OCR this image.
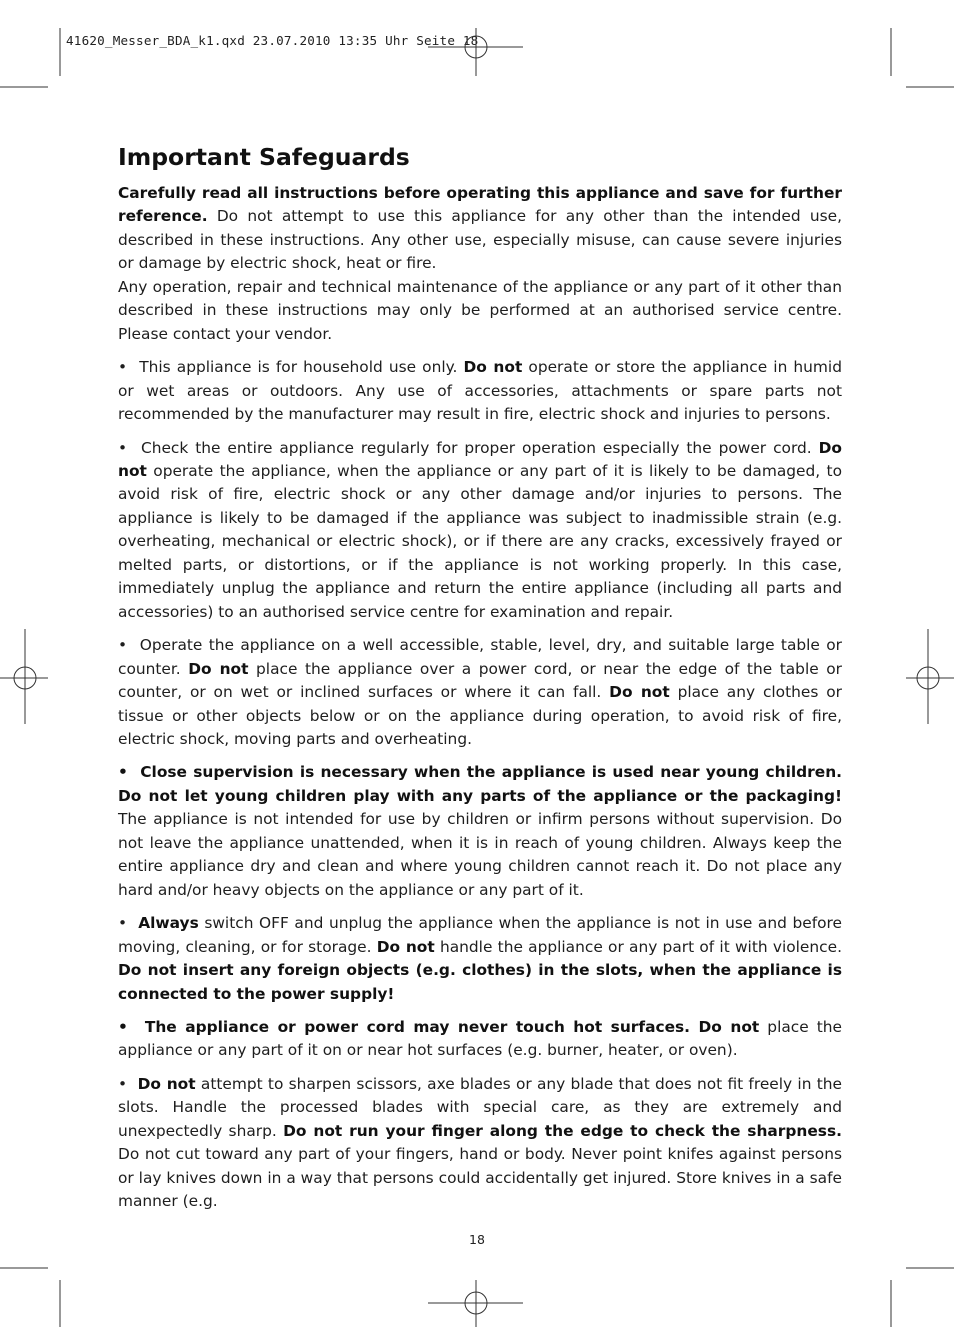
41620_Messer_BDA_k1.qxd 23.07.2010 13:35 Uhr Seite 18
Important Safeguards
Carefully read all instructions before operating this appliance and save for further reference. Do not attempt to use this appliance for any other than the intended use, described in these instructions. Any other use, especially misuse, can cause severe injuries or damage by electric shock, heat or fire.
Any operation, repair and technical maintenance of the appliance or any part of it other than described in these instructions may only be performed at an authorised service centre. Please contact your vendor.
•  This appliance is for household use only. Do not operate or store the appliance in humid or wet areas or outdoors. Any use of accessories, attachments or spare parts not recommended by the manufacturer may result in fire, electric shock and injuries to persons.
•  Check the entire appliance regularly for proper operation especially the power cord. Do not operate the appliance, when the appliance or any part of it is likely to be damaged, to avoid risk of fire, electric shock or any other damage and/or injuries to persons. The appliance is likely to be damaged if the appliance was subject to inadmissible strain (e.g. overheating, mechanical or electric shock), or if there are any cracks, excessively frayed or melted parts, or distortions, or if the appliance is not working properly. In this case, immediately unplug the appliance and return the entire appliance (including all parts and accessories) to an authorised service centre for examination and repair.
•  Operate the appliance on a well accessible, stable, level, dry, and suitable large table or counter. Do not place the appliance over a power cord, or near the edge of the table or counter, or on wet or inclined surfaces or where it can fall. Do not place any clothes or tissue or other objects below or on the appliance during operation, to avoid risk of fire, electric shock, moving parts and overheating.
•  Close supervision is necessary when the appliance is used near young children. Do not let young children play with any parts of the appliance or the packaging! The appliance is not intended for use by children or infirm persons without supervision. Do not leave the appliance unattended, when it is in reach of young children. Always keep the entire appliance dry and clean and where young children cannot reach it. Do not place any hard and/or heavy objects on the appliance or any part of it.
•  Always switch OFF and unplug the appliance when the appliance is not in use and before moving, cleaning, or for storage. Do not handle the appliance or any part of it with violence. Do not insert any foreign objects (e.g. clothes) in the slots, when the appliance is connected to the power supply!
•  The appliance or power cord may never touch hot surfaces. Do not place the appliance or any part of it on or near hot surfaces (e.g. burner, heater, or oven).
•  Do not attempt to sharpen scissors, axe blades or any blade that does not fit freely in the slots. Handle the processed blades with special care, as they are extremely and unexpectedly sharp. Do not run your finger along the edge to check the sharpness. Do not cut toward any part of your fingers, hand or body. Never point knifes against persons or lay knives down in a way that persons could accidentally get injured. Store knives in a safe manner (e.g.
18
